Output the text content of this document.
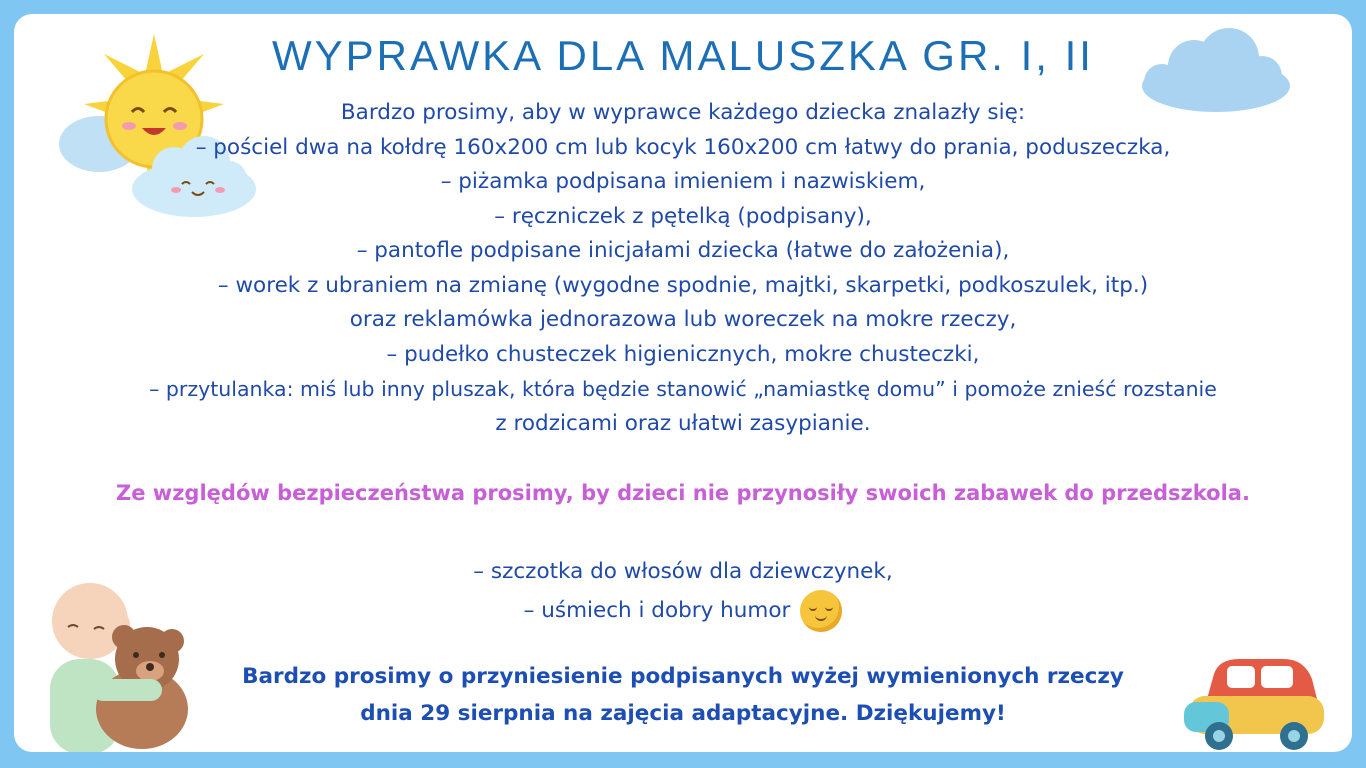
WYPRAWKA DLA MALUSZKA GR. I, II
Bardzo prosimy, aby w wyprawce każdego dziecka znalazły się:
– pościel dwa na kołdrę 160x200 cm lub kocyk 160x200 cm łatwy do prania, poduszeczka,
– piżamka podpisana imieniem i nazwiskiem,
– ręczniczek z pętelką (podpisany),
– pantofle podpisane inicjałami dziecka (łatwe do założenia),
– worek z ubraniem na zmianę (wygodne spodnie, majtki, skarpetki, podkoszulek, itp.)
oraz reklamówka jednorazowa lub woreczek na mokre rzeczy,
– pudełko chusteczek higienicznych, mokre chusteczki,
– przytulanka: miś lub inny pluszak, która będzie stanowić „namiastkę domu” i pomoże znieść rozstanie
z rodzicami oraz ułatwi zasypianie.
Ze względów bezpieczeństwa prosimy, by dzieci nie przynosiły swoich zabawek do przedszkola.
– szczotka do włosów dla dziewczynek,
– uśmiech i dobry humor
Bardzo prosimy o przyniesienie podpisanych wyżej wymienionych rzeczy
dnia 29 sierpnia na zajęcia adaptacyjne. Dziękujemy!
